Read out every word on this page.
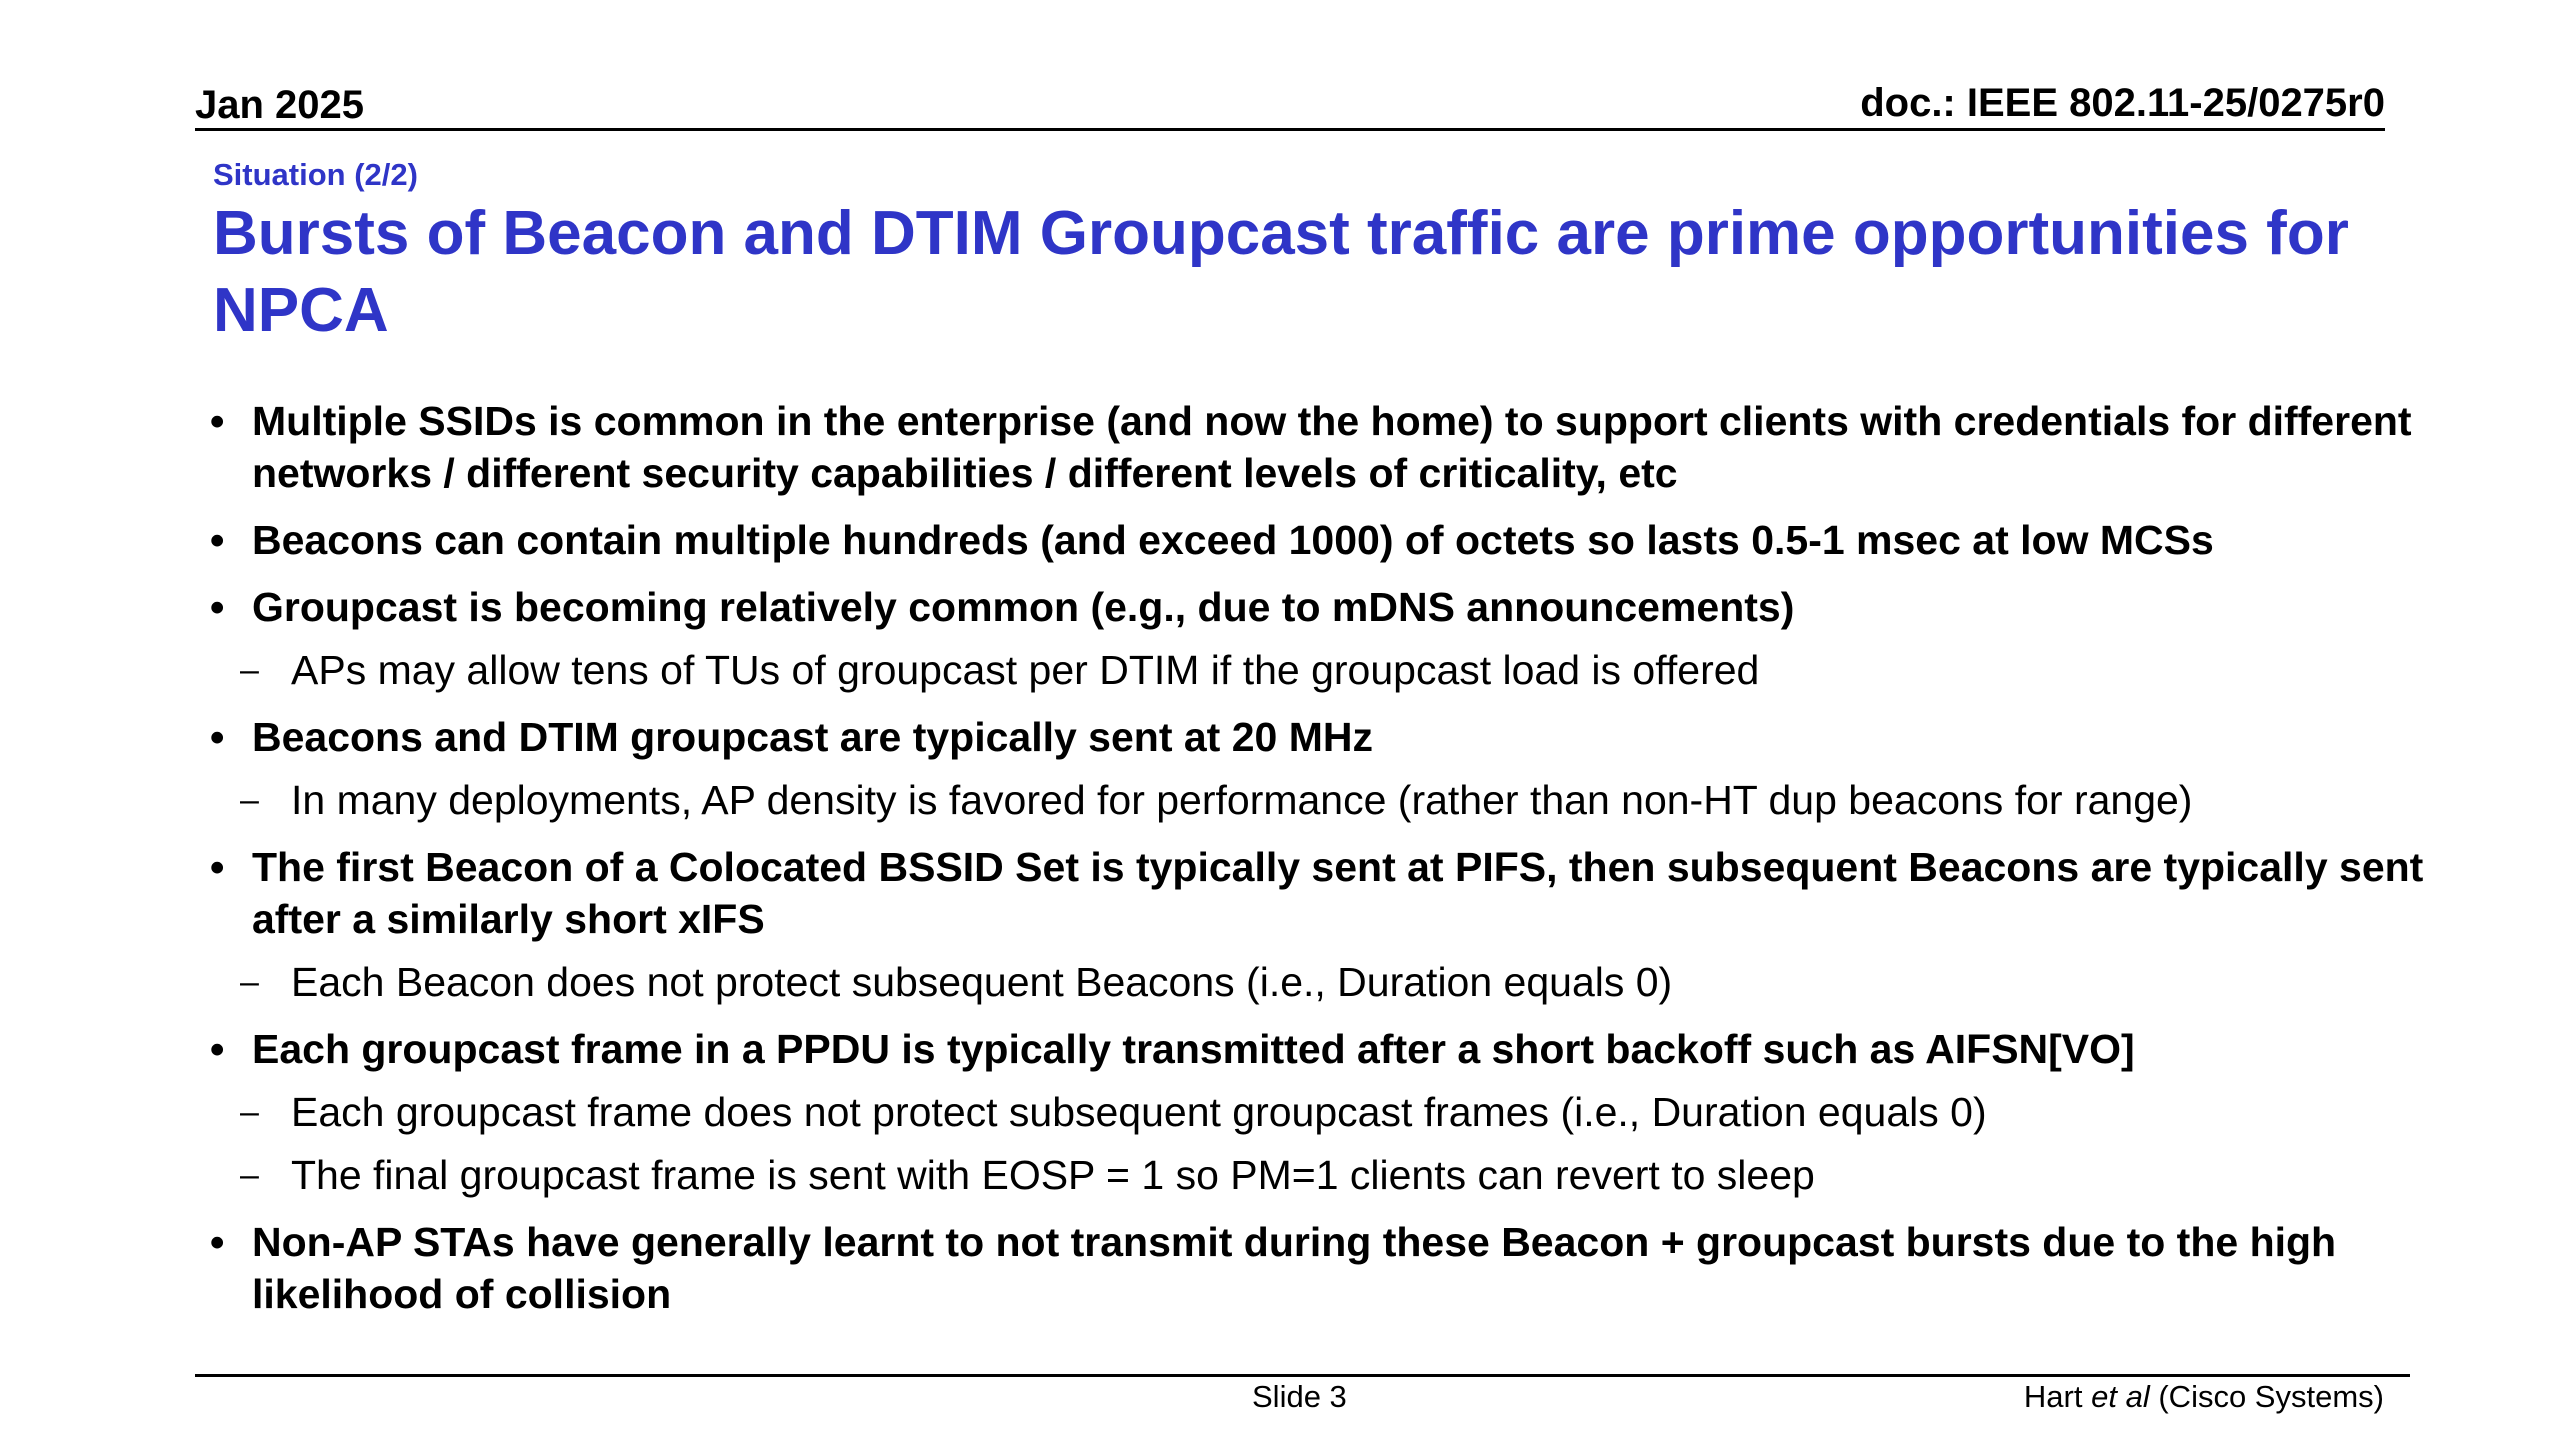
Jan 2025	doc.: IEEE 802.11-25/0275r0
Situation (2/2)
Bursts of Beacon and DTIM Groupcast traffic are prime opportunities for NPCA
• Multiple SSIDs is common in the enterprise (and now the home) to support clients with credentials for different networks / different security capabilities / different levels of criticality, etc
• Beacons can contain multiple hundreds (and exceed 1000) of octets so lasts 0.5-1 msec at low MCSs
• Groupcast is becoming relatively common (e.g., due to mDNS announcements)
– APs may allow tens of TUs of groupcast per DTIM if the groupcast load is offered
• Beacons and DTIM groupcast are typically sent at 20 MHz
– In many deployments, AP density is favored for performance (rather than non-HT dup beacons for range)
• The first Beacon of a Colocated BSSID Set is typically sent at PIFS, then subsequent Beacons are typically sent after a similarly short xIFS
– Each Beacon does not protect subsequent Beacons (i.e., Duration equals 0)
• Each groupcast frame in a PPDU is typically transmitted after a short backoff such as AIFSN[VO]
– Each groupcast frame does not protect subsequent groupcast frames (i.e., Duration equals 0)
– The final groupcast frame is sent with EOSP = 1 so PM=1 clients can revert to sleep
• Non-AP STAs have generally learnt to not transmit during these Beacon + groupcast bursts due to the high likelihood of collision
Slide 3	Hart et al (Cisco Systems)
